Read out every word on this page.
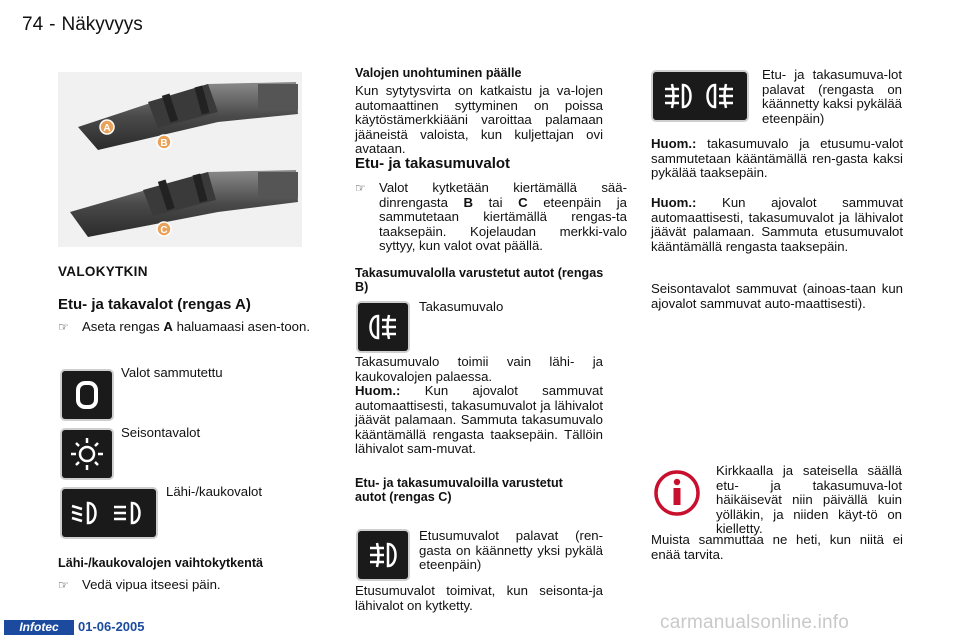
74 - Näkyvyys
A
B
C
VALOKYTKIN
Etu- ja takavalot (rengas A)
☞ Aseta rengas A haluamaasi asen-toon.
Valot sammutettu
Seisontavalot
Lähi-/kaukovalot
Lähi-/kaukovalojen vaihtokytkentä
☞ Vedä vipua itseesi päin.
Valojen unohtuminen päälle

Kun sytytysvirta on katkaistu ja va-lojen automaattinen syttyminen on poissa käytöstämerkkiääni varoittaa palamaan jääneistä valoista, kun kuljettajan ovi avataan.

Etu- ja takasumuvalot
☞ Valot kytketään kiertämällä sää-dinrengasta B tai C eteenpäin ja sammutetaan kiertämällä rengas-ta taaksepäin. Kojelaudan merkki-valo syttyy, kun valot ovat päällä.

Takasumuvalolla varustetut autot (rengas B)

Takasumuvalo

Takasumuvalo toimii vain lähi- ja kaukovalojen palaessa.

Huom.: Kun ajovalot sammuvat automaattisesti, takasumuvalot ja lähivalot jäävät palamaan. Sammuta takasumuvalo kääntämällä rengasta taaksepäin. Tällöin lähivalot sam-muvat.

Etu- ja takasumuvaloilla varustetut autot (rengas C)

Etusumuvalot palavat (ren-gasta on käännetty yksi pykälä eteenpäin)

Etusumuvalot toimivat, kun seisonta-ja lähivalot on kytketty.

Etu- ja takasumuva-lot palavat (rengasta on käännetty kaksi pykälää eteenpäin)

Huom.: takasumuvalo ja etusumu-valot sammutetaan kääntämällä ren-gasta kaksi pykälää taaksepäin.

Huom.: Kun ajovalot sammuvat automaattisesti, takasumuvalot ja lähivalot jäävät palamaan. Sammuta etusumuvalot kääntämällä rengasta taaksepäin.

Seisontavalot sammuvat (ainoas-taan kun ajovalot sammuvat auto-maattisesti).

Kirkkaalla ja sateisella säällä etu- ja takasumuva-lot häikäisevät niin päivällä kuin yölläkin, ja niiden käyt-tö on kielletty.

Muista sammuttaa ne heti, kun niitä ei enää tarvita.

Infotec	01-06-2005	carmanualsonline.info
